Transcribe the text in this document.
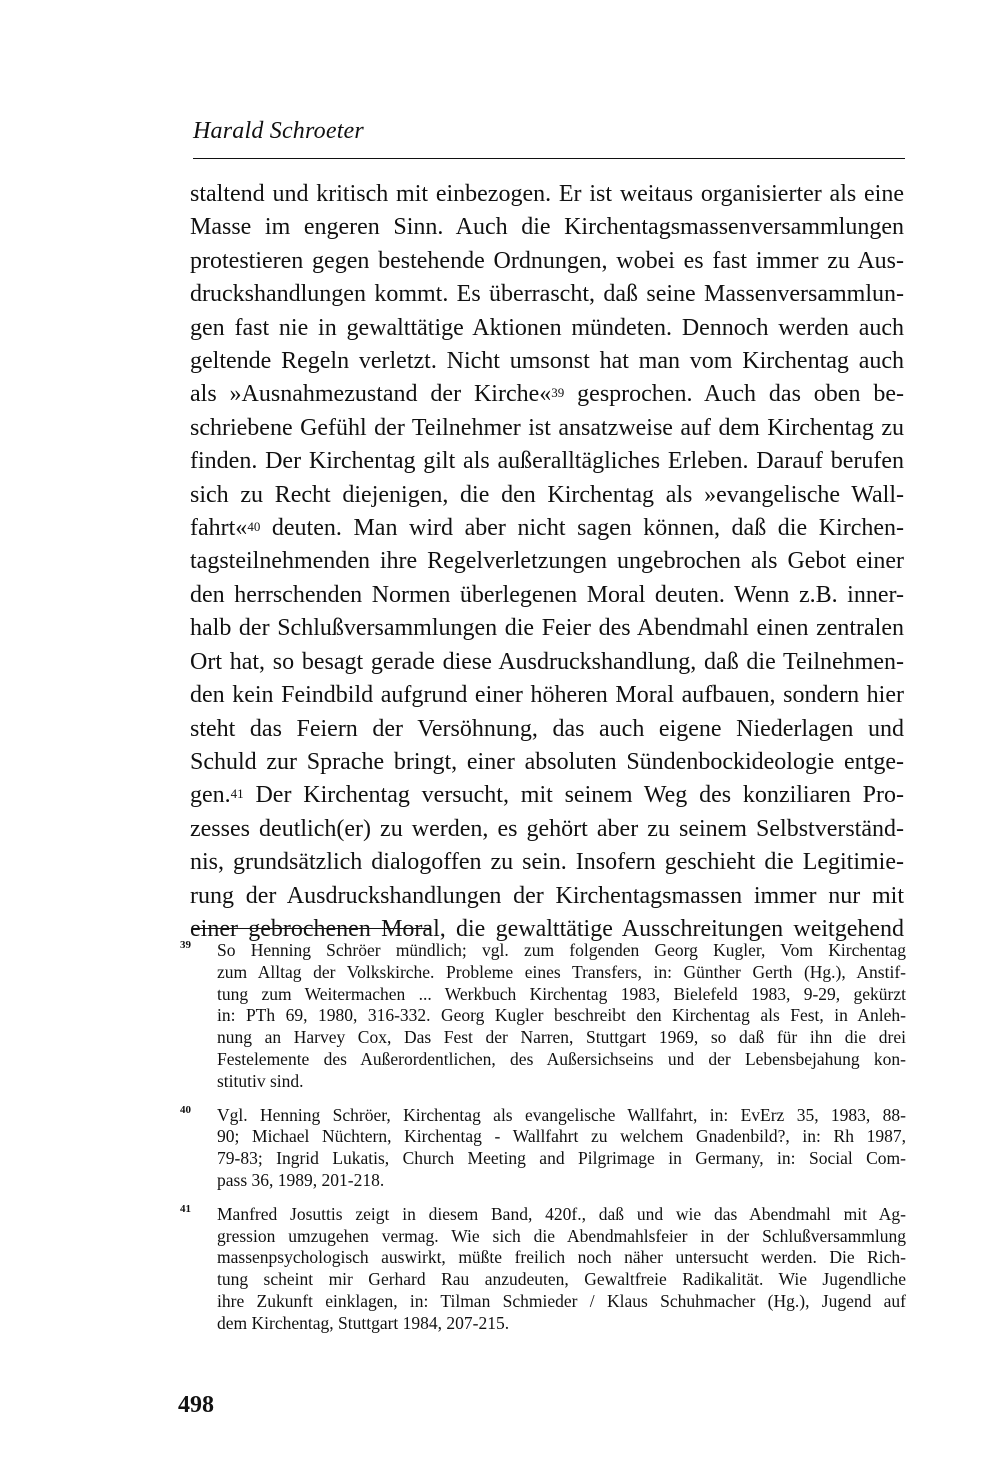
Harald Schroeter
staltend und kritisch mit einbezogen. Er ist weitaus organisierter als eine
Masse im engeren Sinn. Auch die Kirchentagsmassenversammlungen
protestieren gegen bestehende Ordnungen, wobei es fast immer zu Aus-
druckshandlungen kommt. Es überrascht, daß seine Massenversammlun-
gen fast nie in gewalttätige Aktionen mündeten. Dennoch werden auch
geltende Regeln verletzt. Nicht umsonst hat man vom Kirchentag auch
als »Ausnahmezustand der Kirche«$^{39}$ gesprochen. Auch das oben be-
schriebene Gefühl der Teilnehmer ist ansatzweise auf dem Kirchentag zu
finden. Der Kirchentag gilt als außeralltägliches Erleben. Darauf berufen
sich zu Recht diejenigen, die den Kirchentag als »evangelische Wall-
fahrt«$^{40}$ deuten. Man wird aber nicht sagen können, daß die Kirchen-
tagsteilnehmenden ihre Regelverletzungen ungebrochen als Gebot einer
den herrschenden Normen überlegenen Moral deuten. Wenn z.B. inner-
halb der Schlußversammlungen die Feier des Abendmahl einen zentralen
Ort hat, so besagt gerade diese Ausdruckshandlung, daß die Teilnehmen-
den kein Feindbild aufgrund einer höheren Moral aufbauen, sondern hier
steht das Feiern der Versöhnung, das auch eigene Niederlagen und
Schuld zur Sprache bringt, einer absoluten Sündenbockideologie entge-
gen.$^{41}$ Der Kirchentag versucht, mit seinem Weg des konziliaren Pro-
zesses deutlich(er) zu werden, es gehört aber zu seinem Selbstverständ-
nis, grundsätzlich dialogoffen zu sein. Insofern geschieht die Legitimie-
rung der Ausdruckshandlungen der Kirchentagsmassen immer nur mit
einer gebrochenen Moral, die gewalttätige Ausschreitungen weitgehend
39 So Henning Schröer mündlich; vgl. zum folgenden Georg Kugler, Vom Kirchentag
zum Alltag der Volkskirche. Probleme eines Transfers, in: Günther Gerth (Hg.), Anstif-
tung zum Weitermachen ... Werkbuch Kirchentag 1983, Bielefeld 1983, 9-29, gekürzt
in: PTh 69, 1980, 316-332. Georg Kugler beschreibt den Kirchentag als Fest, in Anleh-
nung an Harvey Cox, Das Fest der Narren, Stuttgart 1969, so daß für ihn die drei
Festelemente des Außerordentlichen, des Außersichseins und der Lebensbejahung kon-
stitutiv sind.
40 Vgl. Henning Schröer, Kirchentag als evangelische Wallfahrt, in: EvErz 35, 1983, 88-
90; Michael Nüchtern, Kirchentag - Wallfahrt zu welchem Gnadenbild?, in: Rh 1987,
79-83; Ingrid Lukatis, Church Meeting and Pilgrimage in Germany, in: Social Com-
pass 36, 1989, 201-218.
41 Manfred Josuttis zeigt in diesem Band, 420f., daß und wie das Abendmahl mit Ag-
gression umzugehen vermag. Wie sich die Abendmahlsfeier in der Schlußversammlung
massenpsychologisch auswirkt, müßte freilich noch näher untersucht werden. Die Rich-
tung scheint mir Gerhard Rau anzudeuten, Gewaltfreie Radikalität. Wie Jugendliche
ihre Zukunft einklagen, in: Tilman Schmieder / Klaus Schuhmacher (Hg.), Jugend auf
dem Kirchentag, Stuttgart 1984, 207-215.
498
